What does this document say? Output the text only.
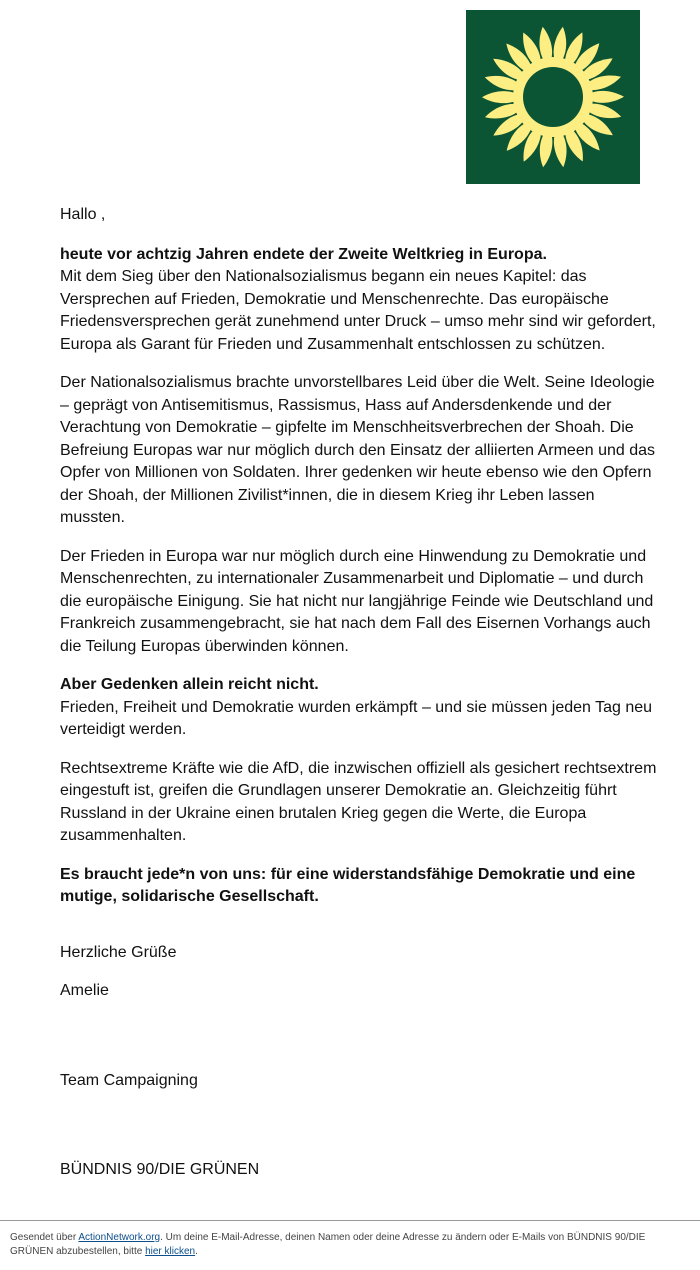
Hallo ,

heute vor achtzig Jahren endete der Zweite Weltkrieg in Europa.
Mit dem Sieg über den Nationalsozialismus begann ein neues Kapitel: das Versprechen auf Frieden, Demokratie und Menschenrechte. Das europäische Friedensversprechen gerät zunehmend unter Druck – umso mehr sind wir gefordert, Europa als Garant für Frieden und Zusammenhalt entschlossen zu schützen.

Der Nationalsozialismus brachte unvorstellbares Leid über die Welt. Seine Ideologie – geprägt von Antisemitismus, Rassismus, Hass auf Andersdenkende und der Verachtung von Demokratie – gipfelte im Menschheitsverbrechen der Shoah. Die Befreiung Europas war nur möglich durch den Einsatz der alliierten Armeen und das Opfer von Millionen von Soldaten. Ihrer gedenken wir heute ebenso wie den Opfern der Shoah, der Millionen Zivilist*innen, die in diesem Krieg ihr Leben lassen mussten.

Der Frieden in Europa war nur möglich durch eine Hinwendung zu Demokratie und Menschenrechten, zu internationaler Zusammenarbeit und Diplomatie – und durch die europäische Einigung. Sie hat nicht nur langjährige Feinde wie Deutschland und Frankreich zusammengebracht, sie hat nach dem Fall des Eisernen Vorhangs auch die Teilung Europas überwinden können.

Aber Gedenken allein reicht nicht.
Frieden, Freiheit und Demokratie wurden erkämpft – und sie müssen jeden Tag neu verteidigt werden.

Rechtsextreme Kräfte wie die AfD, die inzwischen offiziell als gesichert rechtsextrem eingestuft ist, greifen die Grundlagen unserer Demokratie an. Gleichzeitig führt Russland in der Ukraine einen brutalen Krieg gegen die Werte, die Europa zusammenhalten.

Es braucht jede*n von uns: für eine widerstandsfähige Demokratie und eine mutige, solidarische Gesellschaft.

Herzliche Grüße

Amelie

Team Campaigning

BÜNDNIS 90/DIE GRÜNEN

Gesendet über ActionNetwork.org. Um deine E-Mail-Adresse, deinen Namen oder deine Adresse zu ändern oder E-Mails von BÜNDNIS 90/DIE GRÜNEN abzubestellen, bitte hier klicken.
